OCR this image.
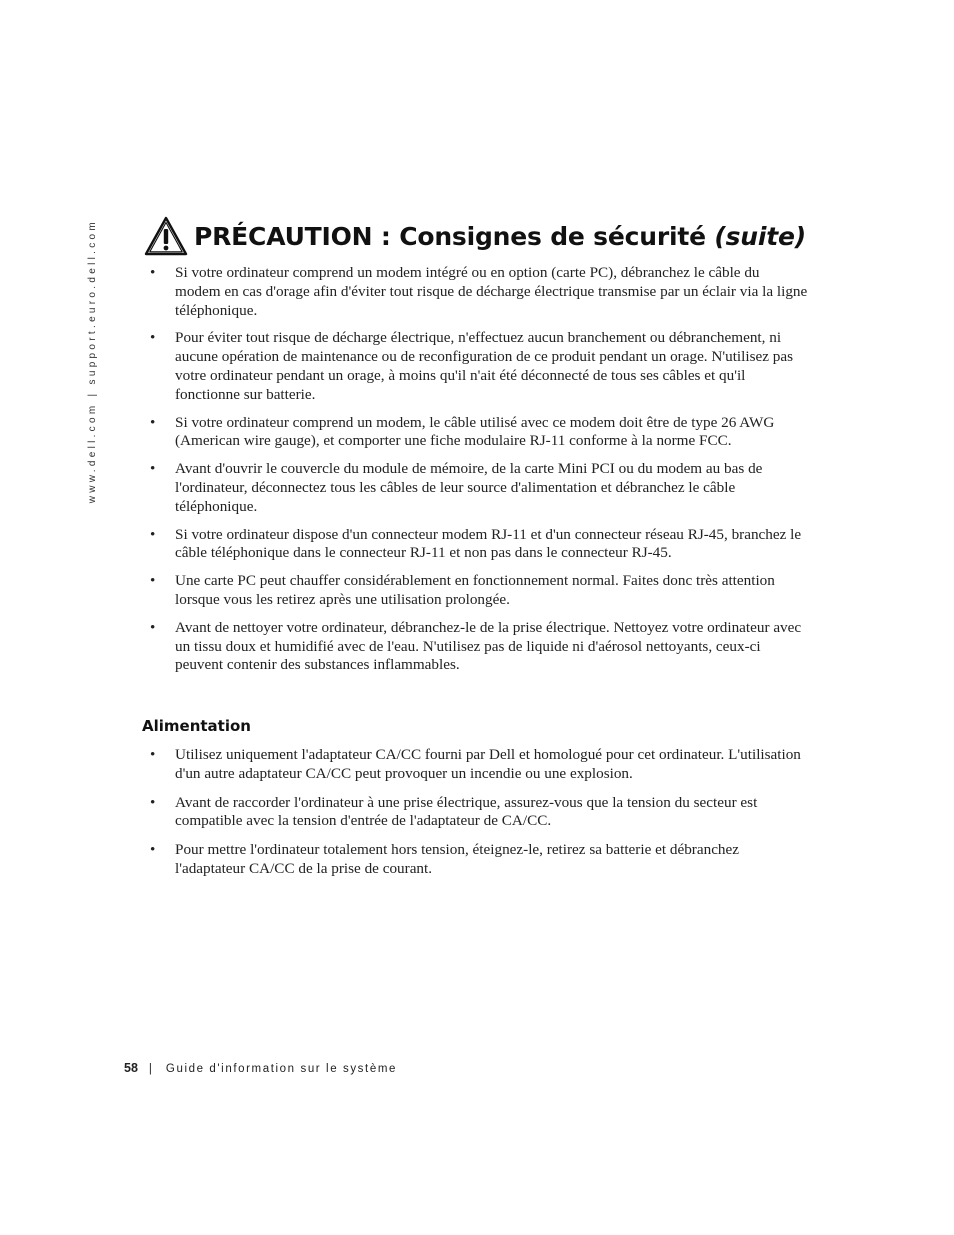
www.dell.com | support.euro.dell.com	PRÉCAUTION : Consignes de sécurité (suite)
• Si votre ordinateur comprend un modem intégré ou en option (carte PC), débranchez le câble du modem en cas d'orage afin d'éviter tout risque de décharge électrique transmise par un éclair via la ligne téléphonique.
• Pour éviter tout risque de décharge électrique, n'effectuez aucun branchement ou débranchement, ni aucune opération de maintenance ou de reconfiguration de ce produit pendant un orage. N'utilisez pas votre ordinateur pendant un orage, à moins qu'il n'ait été déconnecté de tous ses câbles et qu'il fonctionne sur batterie.
• Si votre ordinateur comprend un modem, le câble utilisé avec ce modem doit être de type 26 AWG (American wire gauge), et comporter une fiche modulaire RJ-11 conforme à la norme FCC.
• Avant d'ouvrir le couvercle du module de mémoire, de la carte Mini PCI ou du modem au bas de l'ordinateur, déconnectez tous les câbles de leur source d'alimentation et débranchez le câble téléphonique.
• Si votre ordinateur dispose d'un connecteur modem RJ-11 et d'un connecteur réseau RJ-45, branchez le câble téléphonique dans le connecteur RJ-11 et non pas dans le connecteur RJ-45.
• Une carte PC peut chauffer considérablement en fonctionnement normal. Faites donc très attention lorsque vous les retirez après une utilisation prolongée.
• Avant de nettoyer votre ordinateur, débranchez-le de la prise électrique. Nettoyez votre ordinateur avec un tissu doux et humidifié avec de l'eau. N'utilisez pas de liquide ni d'aérosol nettoyants, ceux-ci peuvent contenir des substances inflammables.
Alimentation
• Utilisez uniquement l'adaptateur CA/CC fourni par Dell et homologué pour cet ordinateur. L'utilisation d'un autre adaptateur CA/CC peut provoquer un incendie ou une explosion.
• Avant de raccorder l'ordinateur à une prise électrique, assurez-vous que la tension du secteur est compatible avec la tension d'entrée de l'adaptateur de CA/CC.
• Pour mettre l'ordinateur totalement hors tension, éteignez-le, retirez sa batterie et débranchez l'adaptateur CA/CC de la prise de courant.
58 | Guide d'information sur le système
